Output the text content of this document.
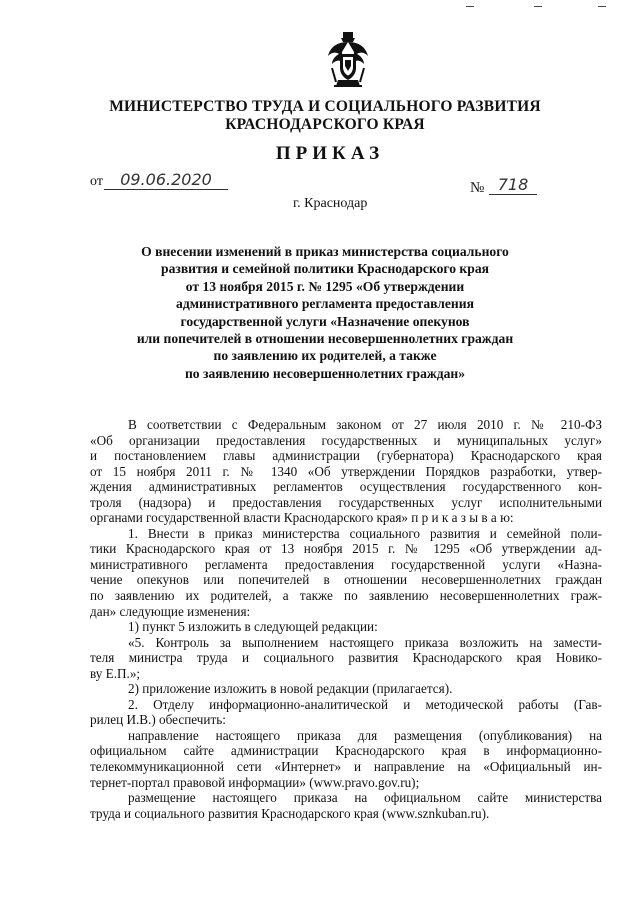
МИНИСТЕРСТВО ТРУДА И СОЦИАЛЬНОГО РАЗВИТИЯ
КРАСНОДАРСКОГО КРАЯ
ПРИКАЗ
от	09.06.2020
г. Краснодар
№ 718
О внесении изменений в приказ министерства социального
развития и семейной политики Краснодарского края
от 13 ноября 2015 г. № 1295 «Об утверждении
административного регламента предоставления
государственной услуги «Назначение опекунов
или попечителей в отношении несовершеннолетних граждан
по заявлению их родителей, а также
по заявлению несовершеннолетних граждан»
В соответствии с Федеральным законом от 27 июля 2010 г. № 210-ФЗ
«Об организации предоставления государственных и муниципальных услуг»
и постановлением главы администрации (губернатора) Краснодарского края
от 15 ноября 2011 г. № 1340 «Об утверждении Порядков разработки, утвер-
ждения административных регламентов осуществления государственного кон-
троля (надзора) и предоставления государственных услуг исполнительными
органами государственной власти Краснодарского края» п р и к а з ы в а ю:
1. Внести в приказ министерства социального развития и семейной поли-
тики Краснодарского края от 13 ноября 2015 г. № 1295 «Об утверждении ад-
министративного регламента предоставления государственной услуги «Назна-
чение опекунов или попечителей в отношении несовершеннолетних граждан
по заявлению их родителей, а также по заявлению несовершеннолетних граж-
дан» следующие изменения:
1) пункт 5 изложить в следующей редакции:
«5. Контроль за выполнением настоящего приказа возложить на замести-
теля министра труда и социального развития Краснодарского края Новико-
ву Е.П.»;
2) приложение изложить в новой редакции (прилагается).
2. Отделу информационно-аналитической и методической работы (Гав-
рилец И.В.) обеспечить:
направление настоящего приказа для размещения (опубликования) на
официальном сайте администрации Краснодарского края в информационно-
телекоммуникационной сети «Интернет» и направление на «Официальный ин-
тернет-портал правовой информации» (www.pravo.gov.ru);
размещение настоящего приказа на официальном сайте министерства
труда и социального развития Краснодарского края (www.sznkuban.ru).
